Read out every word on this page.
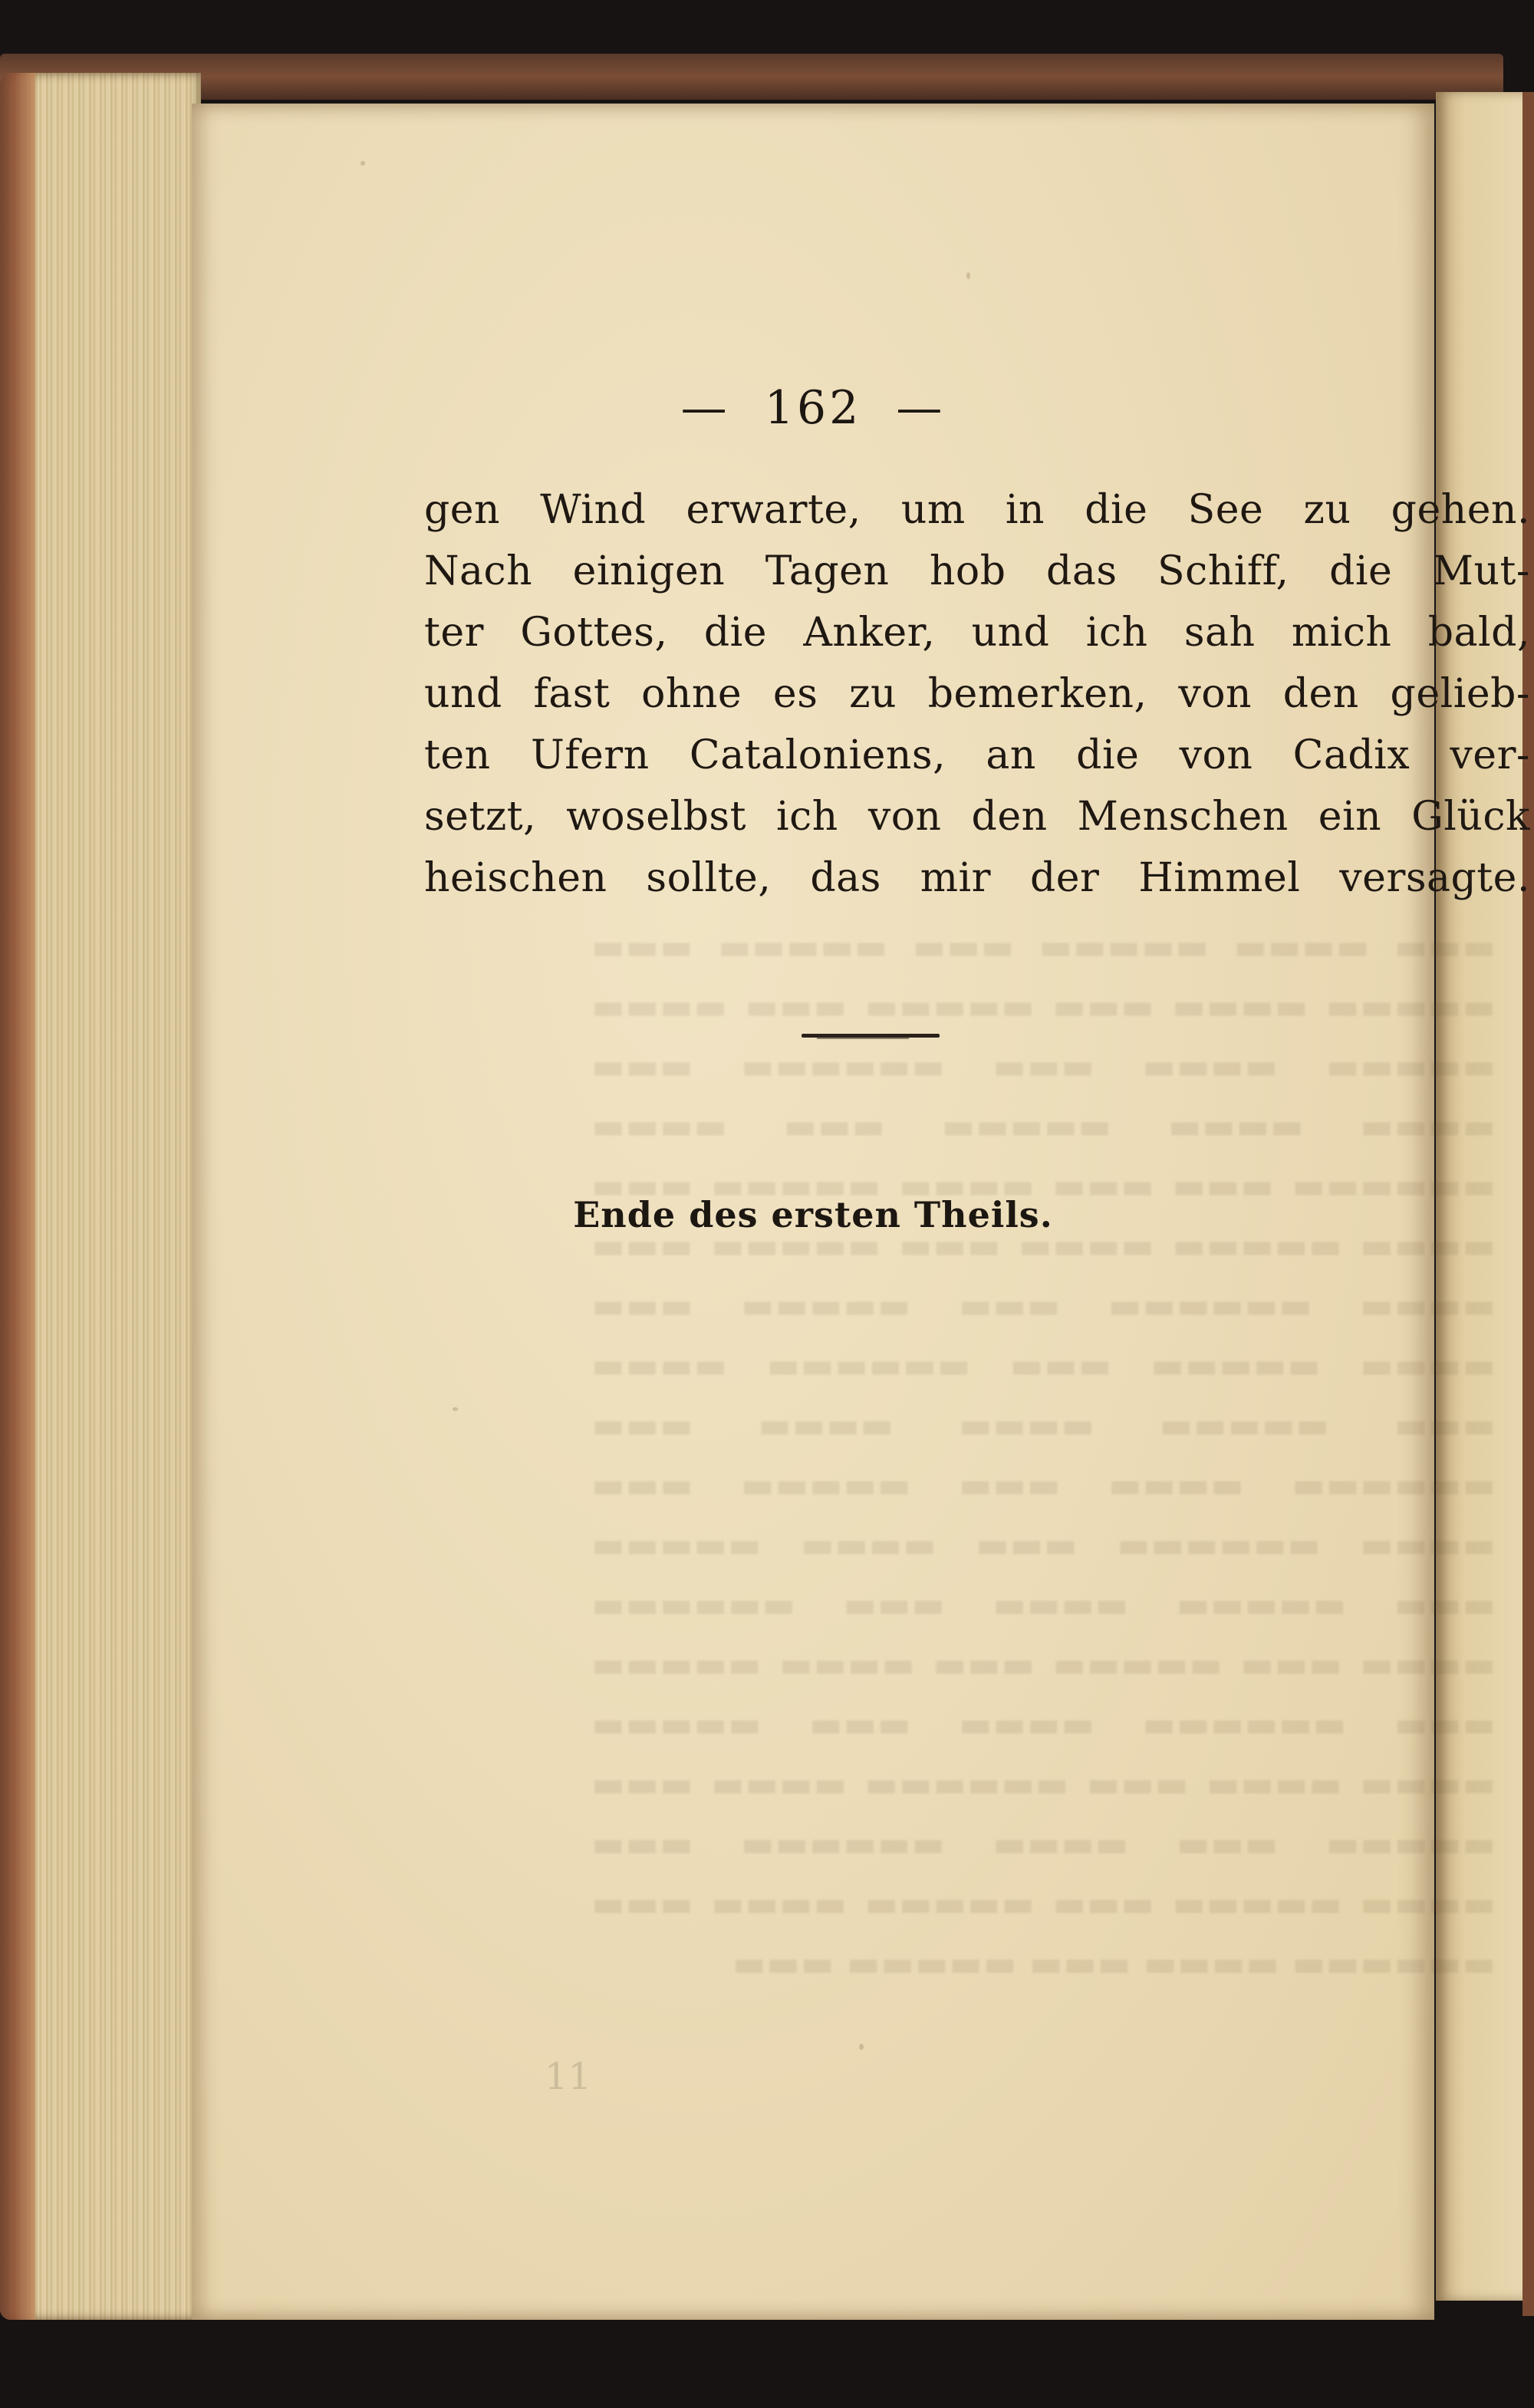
▬▬▬ ▬▬▬▬ ▬▬▬▬▬ ▬▬▬ ▬▬▬▬▬ ▬▬▬ ▬▬▬▬▬ ▬▬▬▬ ▬▬▬ ▬▬▬▬▬ ▬▬▬ ▬▬▬▬ ▬▬▬▬▬ ▬▬▬▬ ▬▬▬ ▬▬▬▬▬▬ ▬▬▬ ▬▬▬▬ ▬▬▬▬ ▬▬▬▬▬ ▬▬▬ ▬▬▬▬ ▬▬▬▬▬▬ ▬▬▬ ▬▬▬ ▬▬▬▬ ▬▬▬▬▬ ▬▬▬ ▬▬▬▬ ▬▬▬▬▬ ▬▬▬▬ ▬▬▬ ▬▬▬▬▬ ▬▬▬ ▬▬▬▬ ▬▬▬▬▬▬ ▬▬▬ ▬▬▬▬▬ ▬▬▬ ▬▬▬▬ ▬▬▬▬▬ ▬▬▬ ▬▬▬▬▬▬ ▬▬▬▬ ▬▬▬ ▬▬▬▬▬ ▬▬▬▬ ▬▬▬▬ ▬▬▬ ▬▬▬▬▬▬ ▬▬▬▬ ▬▬▬ ▬▬▬▬▬ ▬▬▬ ▬▬▬▬ ▬▬▬▬▬▬ ▬▬▬ ▬▬▬▬ ▬▬▬▬▬ ▬▬▬ ▬▬▬▬▬ ▬▬▬▬ ▬▬▬ ▬▬▬▬▬▬ ▬▬▬▬ ▬▬▬ ▬▬▬▬▬ ▬▬▬ ▬▬▬▬ ▬▬▬▬▬ ▬▬▬ ▬▬▬▬▬▬ ▬▬▬▬ ▬▬▬ ▬▬▬▬▬ ▬▬▬▬ ▬▬▬▬ ▬▬▬ ▬▬▬▬▬▬ ▬▬▬▬ ▬▬▬ ▬▬▬▬▬ ▬▬▬ ▬▬▬▬ ▬▬▬▬▬▬ ▬▬▬ ▬▬▬▬ ▬▬▬▬▬ ▬▬▬ ▬▬▬▬▬ ▬▬▬▬ ▬▬▬ ▬▬▬▬▬▬ ▬▬▬▬ ▬▬▬ ▬▬▬▬▬ ▬▬▬
— 162 —
gen Wind erwarte, um in die See zu gehen.
Nach einigen Tagen hob das Schiff, die Mut-
ter Gottes, die Anker, und ich sah mich bald,
und fast ohne es zu bemerken, von den gelieb-
ten Ufern Cataloniens, an die von Cadix ver-
setzt, woselbst ich von den Menschen ein Glück
heischen sollte, das mir der Himmel versagte.
Ende des ersten Theils.
11
